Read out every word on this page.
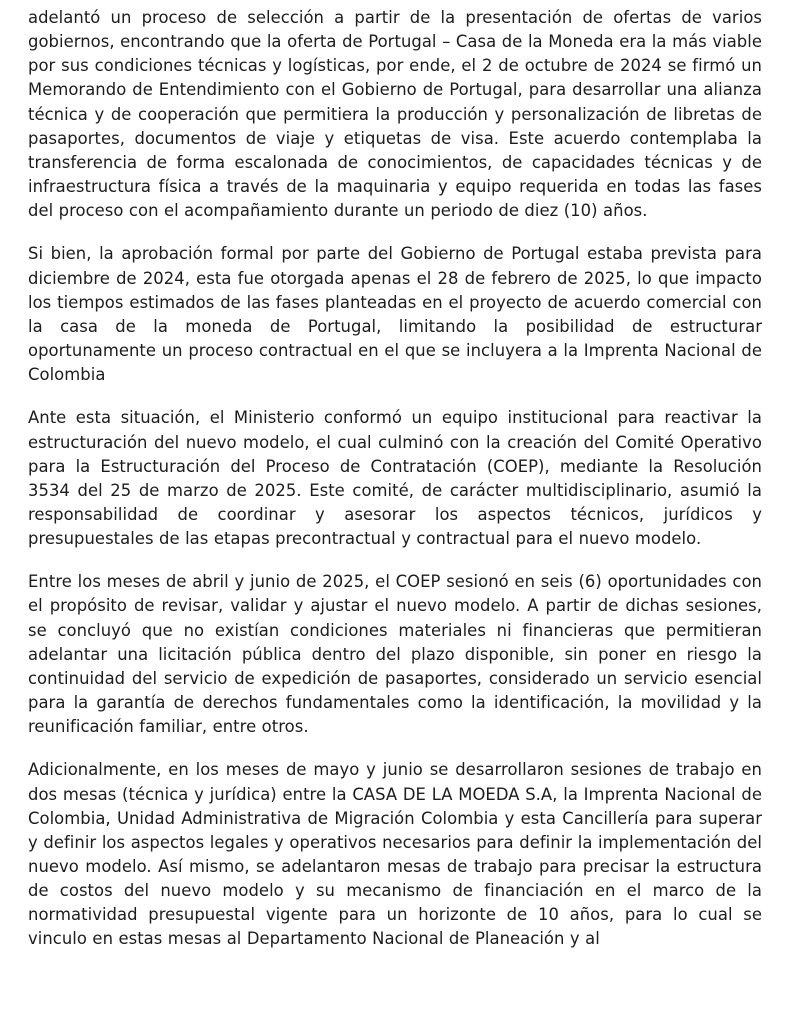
adelantó un proceso de selección a partir de la presentación de ofertas de varios gobiernos, encontrando que la oferta de Portugal – Casa de la Moneda era la más viable por sus condiciones técnicas y logísticas, por ende, el 2 de octubre de 2024 se firmó un Memorando de Entendimiento con el Gobierno de Portugal, para desarrollar una alianza técnica y de cooperación que permitiera la producción y personalización de libretas de pasaportes, documentos de viaje y etiquetas de visa. Este acuerdo contemplaba la transferencia de forma escalonada de conocimientos, de capacidades técnicas y de infraestructura física a través de la maquinaria y equipo requerida en todas las fases del proceso con el acompañamiento durante un periodo de diez (10) años.

Si bien, la aprobación formal por parte del Gobierno de Portugal estaba prevista para diciembre de 2024, esta fue otorgada apenas el 28 de febrero de 2025, lo que impacto los tiempos estimados de las fases planteadas en el proyecto de acuerdo comercial con la casa de la moneda de Portugal, limitando la posibilidad de estructurar oportunamente un proceso contractual en el que se incluyera a la Imprenta Nacional de Colombia

Ante esta situación, el Ministerio conformó un equipo institucional para reactivar la estructuración del nuevo modelo, el cual culminó con la creación del Comité Operativo para la Estructuración del Proceso de Contratación (COEP), mediante la Resolución 3534 del 25 de marzo de 2025. Este comité, de carácter multidisciplinario, asumió la responsabilidad de coordinar y asesorar los aspectos técnicos, jurídicos y presupuestales de las etapas precontractual y contractual para el nuevo modelo.

Entre los meses de abril y junio de 2025, el COEP sesionó en seis (6) oportunidades con el propósito de revisar, validar y ajustar el nuevo modelo. A partir de dichas sesiones, se concluyó que no existían condiciones materiales ni financieras que permitieran adelantar una licitación pública dentro del plazo disponible, sin poner en riesgo la continuidad del servicio de expedición de pasaportes, considerado un servicio esencial para la garantía de derechos fundamentales como la identificación, la movilidad y la reunificación familiar, entre otros.

Adicionalmente, en los meses de mayo y junio se desarrollaron sesiones de trabajo en dos mesas (técnica y jurídica) entre la CASA DE LA MOEDA S.A, la Imprenta Nacional de Colombia, Unidad Administrativa de Migración Colombia y esta Cancillería para superar y definir los aspectos legales y operativos necesarios para definir la implementación del nuevo modelo. Así mismo, se adelantaron mesas de trabajo para precisar la estructura de costos del nuevo modelo y su mecanismo de financiación en el marco de la normatividad presupuestal vigente para un horizonte de 10 años, para lo cual se vinculo en estas mesas al Departamento Nacional de Planeación y al
